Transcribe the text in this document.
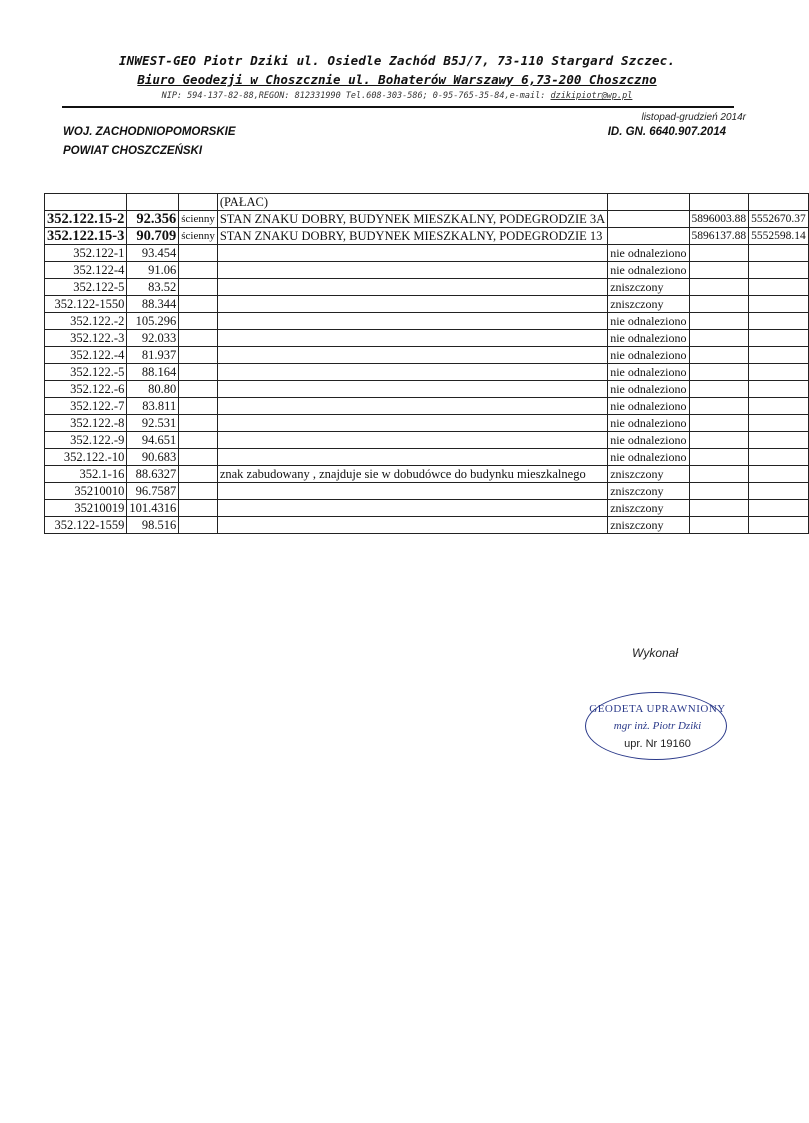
INWEST-GEO Piotr Dziki ul. Osiedle Zachód B5J/7, 73-110 Stargard Szczec.
Biuro Geodezji w Choszcznie ul. Bohaterów Warszawy 6,73-200 Choszczno
NIP: 594-137-82-88,REGON: 812331990 Tel.608-303-586; 0-95-765-35-84,e-mail: dzikipiotr@wp.pl
listopad-grudzień 2014r
WOJ. ZACHODNIOPOMORSKIE
POWIAT CHOSZCZEŃSKI
ID. GN. 6640.907.2014
			(PAŁAC)			
352.122.15-2	92.356	ścienny	STAN ZNAKU DOBRY, BUDYNEK MIESZKALNY, PODEGRODZIE 3A		5896003.88	5552670.37
352.122.15-3	90.709	ścienny	STAN ZNAKU DOBRY, BUDYNEK MIESZKALNY, PODEGRODZIE 13		5896137.88	5552598.14
352.122-1	93.454			nie odnaleziono		
352.122-4	91.06			nie odnaleziono		
352.122-5	83.52			zniszczony		
352.122-1550	88.344			zniszczony		
352.122.-2	105.296			nie odnaleziono		
352.122.-3	92.033			nie odnaleziono		
352.122.-4	81.937			nie odnaleziono		
352.122.-5	88.164			nie odnaleziono		
352.122.-6	80.80			nie odnaleziono		
352.122.-7	83.811			nie odnaleziono		
352.122.-8	92.531			nie odnaleziono		
352.122.-9	94.651			nie odnaleziono		
352.122.-10	90.683			nie odnaleziono		
352.1-16	88.6327		znak zabudowany , znajduje sie w dobudówce do budynku mieszkalnego	zniszczony		
35210010	96.7587			zniszczony		
35210019	101.4316			zniszczony		
352.122-1559	98.516			zniszczony		
Wykonał
GEODETA UPRAWNIONY
mgr inż. Piotr Dziki
upr. Nr 19160
